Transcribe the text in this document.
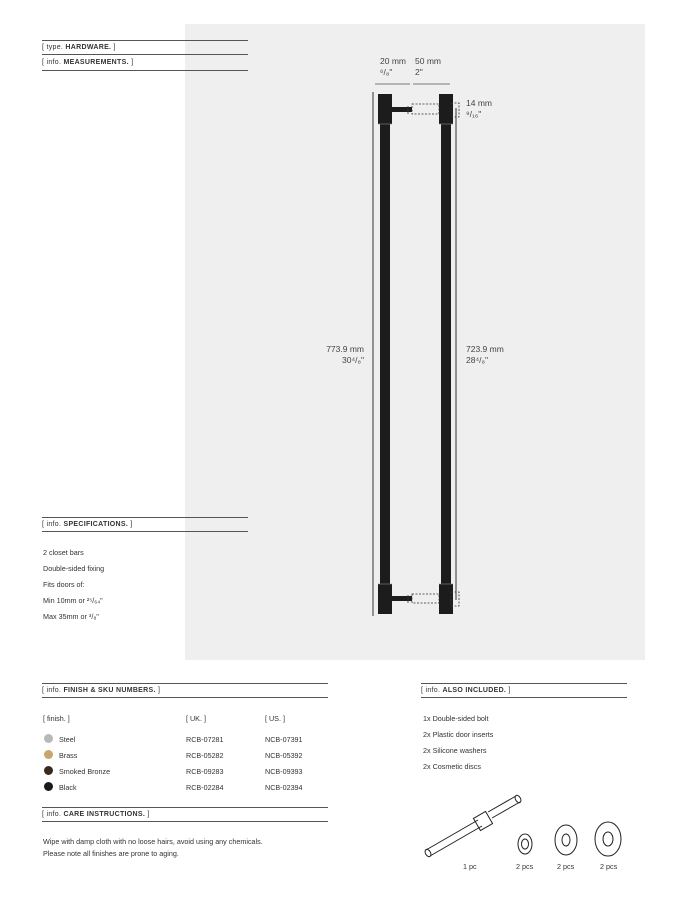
[ type. HARDWARE. ]
[ info. MEASUREMENTS. ]	20 mm
⁶/₈"
50 mm
2"
14 mm
⁹/₁₆"
773.9 mm
30⁴/₈"
723.9 mm
28⁴/₈"
[ info. SPECIFICATIONS. ]
2 closet bars
Double-sided fixing
Fits doors of:
Min 10mm or ²⁵/₆₄"
Max 35mm or ³/₈"
[ info. FINISH & SKU NUMBERS. ]
[ finish. ]	[ UK. ]	[ US. ]
Steel	RCB-07281	NCB-07391
Brass	RCB-05282	NCB-05392
Smoked Bronze	RCB-09283	NCB-09393
Black	RCB-02284	NCB-02394
[ info. CARE INSTRUCTIONS. ]
Wipe with damp cloth with no loose hairs, avoid using any chemicals.
Please note all finishes are prone to aging.
[ info. ALSO INCLUDED. ]
1x Double-sided bolt
2x Plastic door inserts
2x Silicone washers
2x Cosmetic discs
1 pc	2 pcs	2 pcs	2 pcs
